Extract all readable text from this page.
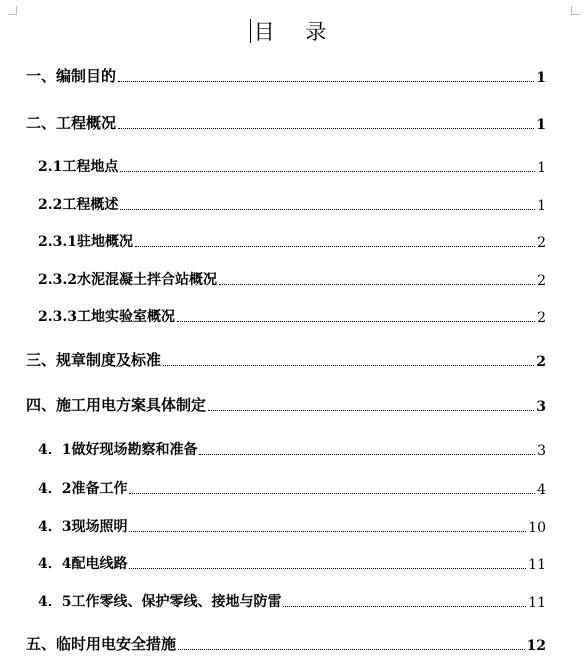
目 录
一、编制目的	1
二、工程概况	1
2.1工程地点	1
2.2工程概述	1
2.3.1驻地概况	2
2.3.2水泥混凝土拌合站概况	2
2.3.3工地实验室概况	2
三、规章制度及标准	2
四、施工用电方案具体制定	3
4．1做好现场勘察和准备	3
4．2准备工作	4
4．3现场照明	10
4．4配电线路	11
4．5工作零线、保护零线、接地与防雷	11
五、临时用电安全措施	12
